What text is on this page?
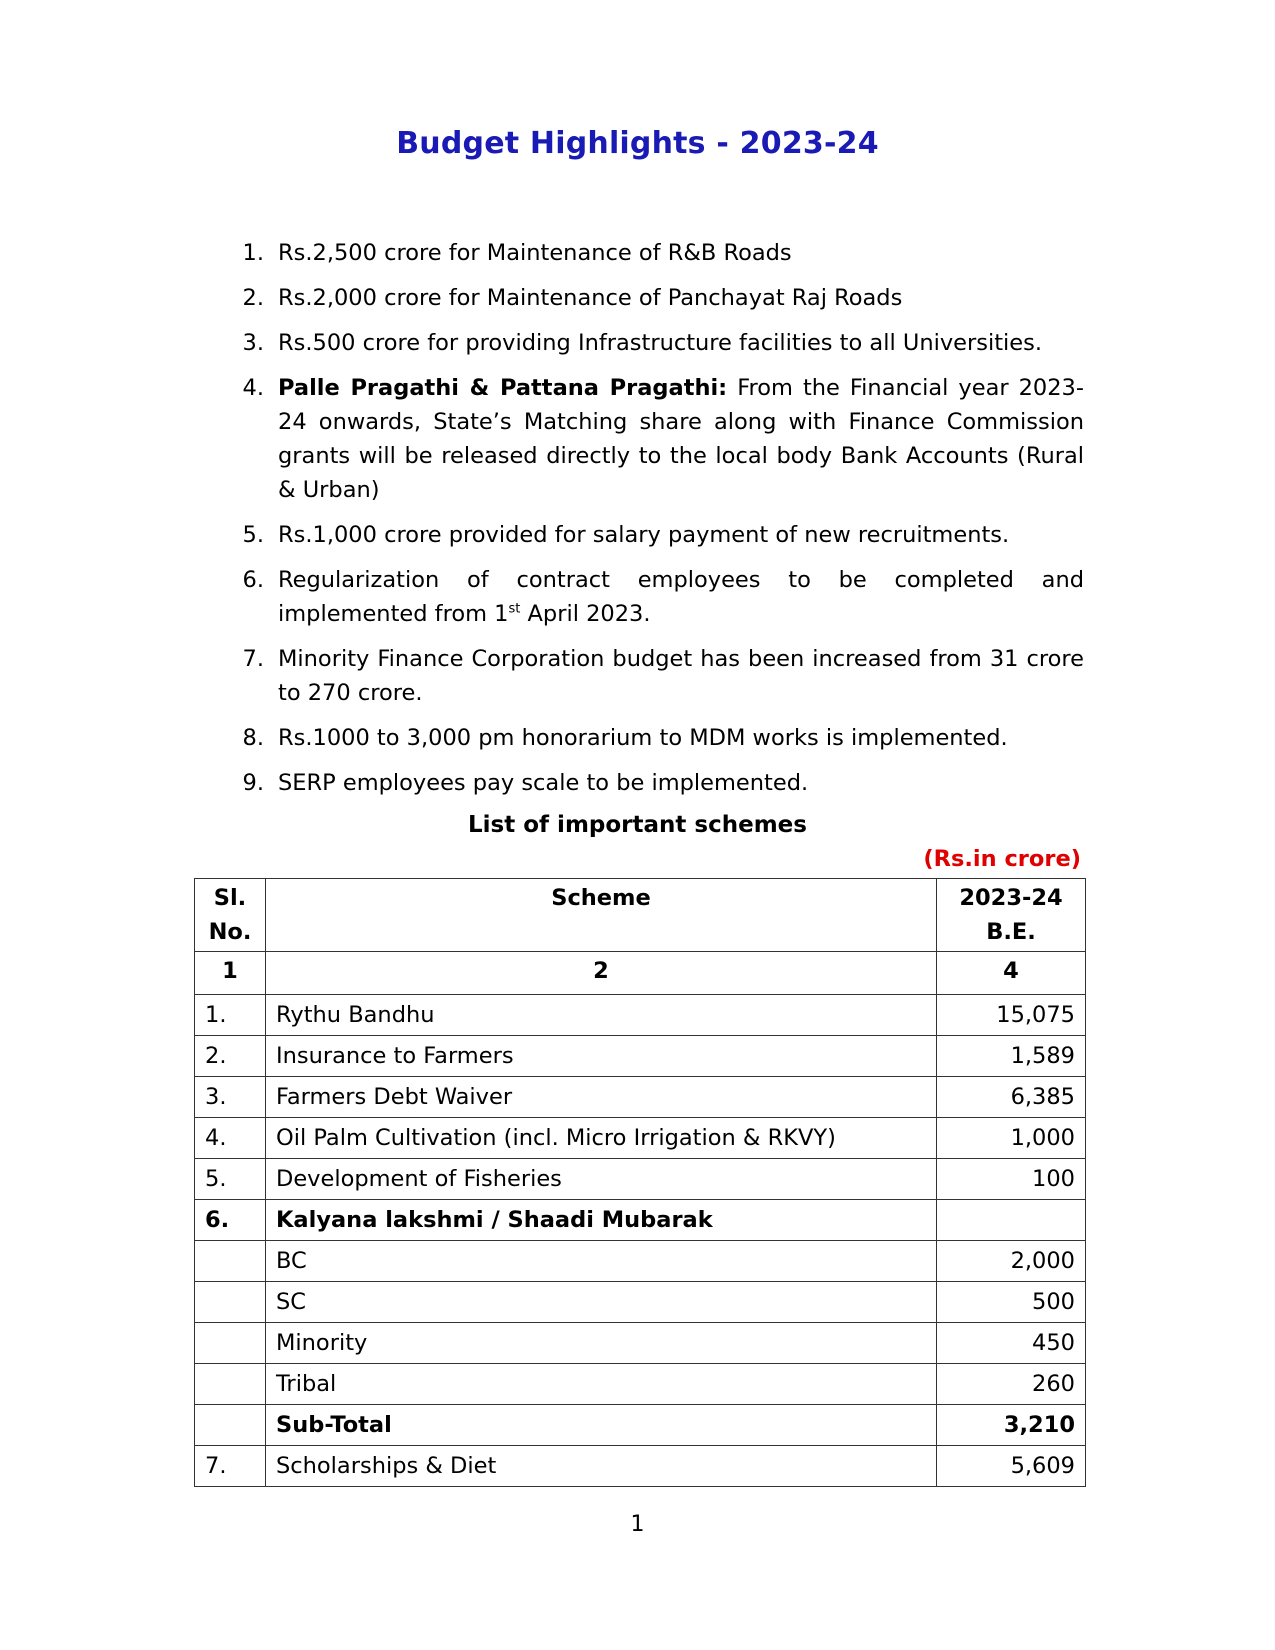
Budget Highlights - 2023-24
1. Rs.2,500 crore for Maintenance of R&B Roads
2. Rs.2,000 crore for Maintenance of Panchayat Raj Roads
3. Rs.500 crore for providing Infrastructure facilities to all Universities.
4. Palle Pragathi & Pattana Pragathi: From the Financial year 2023-24 onwards, State’s Matching share along with Finance Commission grants will be released directly to the local body Bank Accounts (Rural & Urban)
5. Rs.1,000 crore provided for salary payment of new recruitments.
6. Regularization of contract employees to be completed and implemented from 1st April 2023.
7. Minority Finance Corporation budget has been increased from 31 crore to 270 crore.
8. Rs.1000 to 3,000 pm honorarium to MDM works is implemented.
9. SERP employees pay scale to be implemented.
List of important schemes
(Rs.in crore)
Sl. No.	Scheme	2023-24 B.E.
1	2	4
1.	Rythu Bandhu	15,075
2.	Insurance to Farmers	1,589
3.	Farmers Debt Waiver	6,385
4.	Oil Palm Cultivation (incl. Micro Irrigation & RKVY)	1,000
5.	Development of Fisheries	100
6.	Kalyana lakshmi / Shaadi Mubarak	
	BC	2,000
	SC	500
	Minority	450
	Tribal	260
	Sub-Total	3,210
7.	Scholarships & Diet	5,609
1
